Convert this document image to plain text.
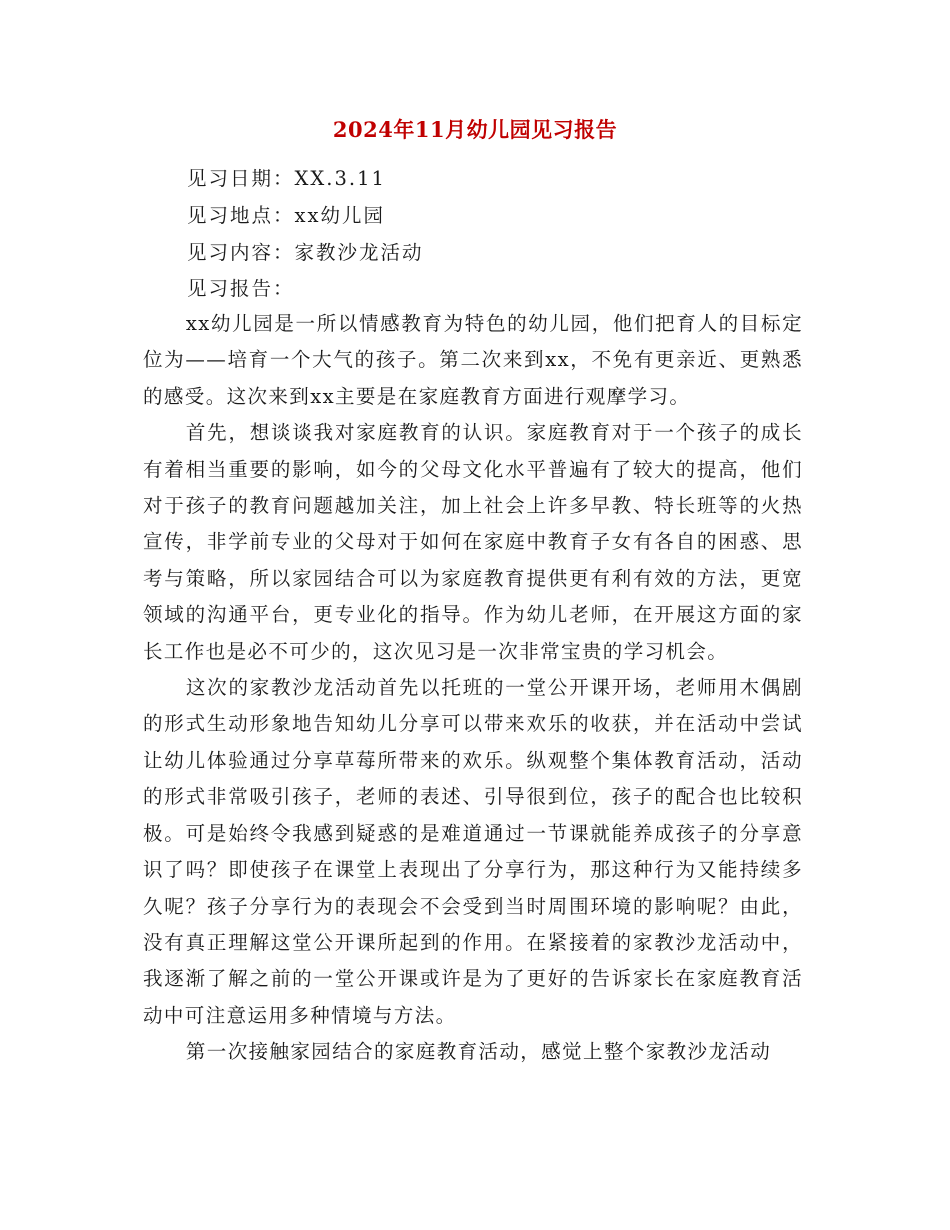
2024年11月幼儿园见习报告
见习日期：XX.3.11
见习地点：xx幼儿园
见习内容：家教沙龙活动
见习报告：

xx幼儿园是一所以情感教育为特色的幼儿园，他们把育人的目标定位为——培育一个大气的孩子。第二次来到xx，不免有更亲近、更熟悉的感受。这次来到xx主要是在家庭教育方面进行观摩学习。

首先，想谈谈我对家庭教育的认识。家庭教育对于一个孩子的成长有着相当重要的影响，如今的父母文化水平普遍有了较大的提高，他们对于孩子的教育问题越加关注，加上社会上许多早教、特长班等的火热宣传，非学前专业的父母对于如何在家庭中教育子女有各自的困惑、思考与策略，所以家园结合可以为家庭教育提供更有利有效的方法，更宽领域的沟通平台，更专业化的指导。作为幼儿老师，在开展这方面的家长工作也是必不可少的，这次见习是一次非常宝贵的学习机会。

这次的家教沙龙活动首先以托班的一堂公开课开场，老师用木偶剧的形式生动形象地告知幼儿分享可以带来欢乐的收获，并在活动中尝试让幼儿体验通过分享草莓所带来的欢乐。纵观整个集体教育活动，活动的形式非常吸引孩子，老师的表述、引导很到位，孩子的配合也比较积极。可是始终令我感到疑惑的是难道通过一节课就能养成孩子的分享意识了吗？即使孩子在课堂上表现出了分享行为，那这种行为又能持续多久呢？孩子分享行为的表现会不会受到当时周围环境的影响呢？由此，没有真正理解这堂公开课所起到的作用。在紧接着的家教沙龙活动中，我逐渐了解之前的一堂公开课或许是为了更好的告诉家长在家庭教育活动中可注意运用多种情境与方法。

第一次接触家园结合的家庭教育活动，感觉上整个家教沙龙活动
